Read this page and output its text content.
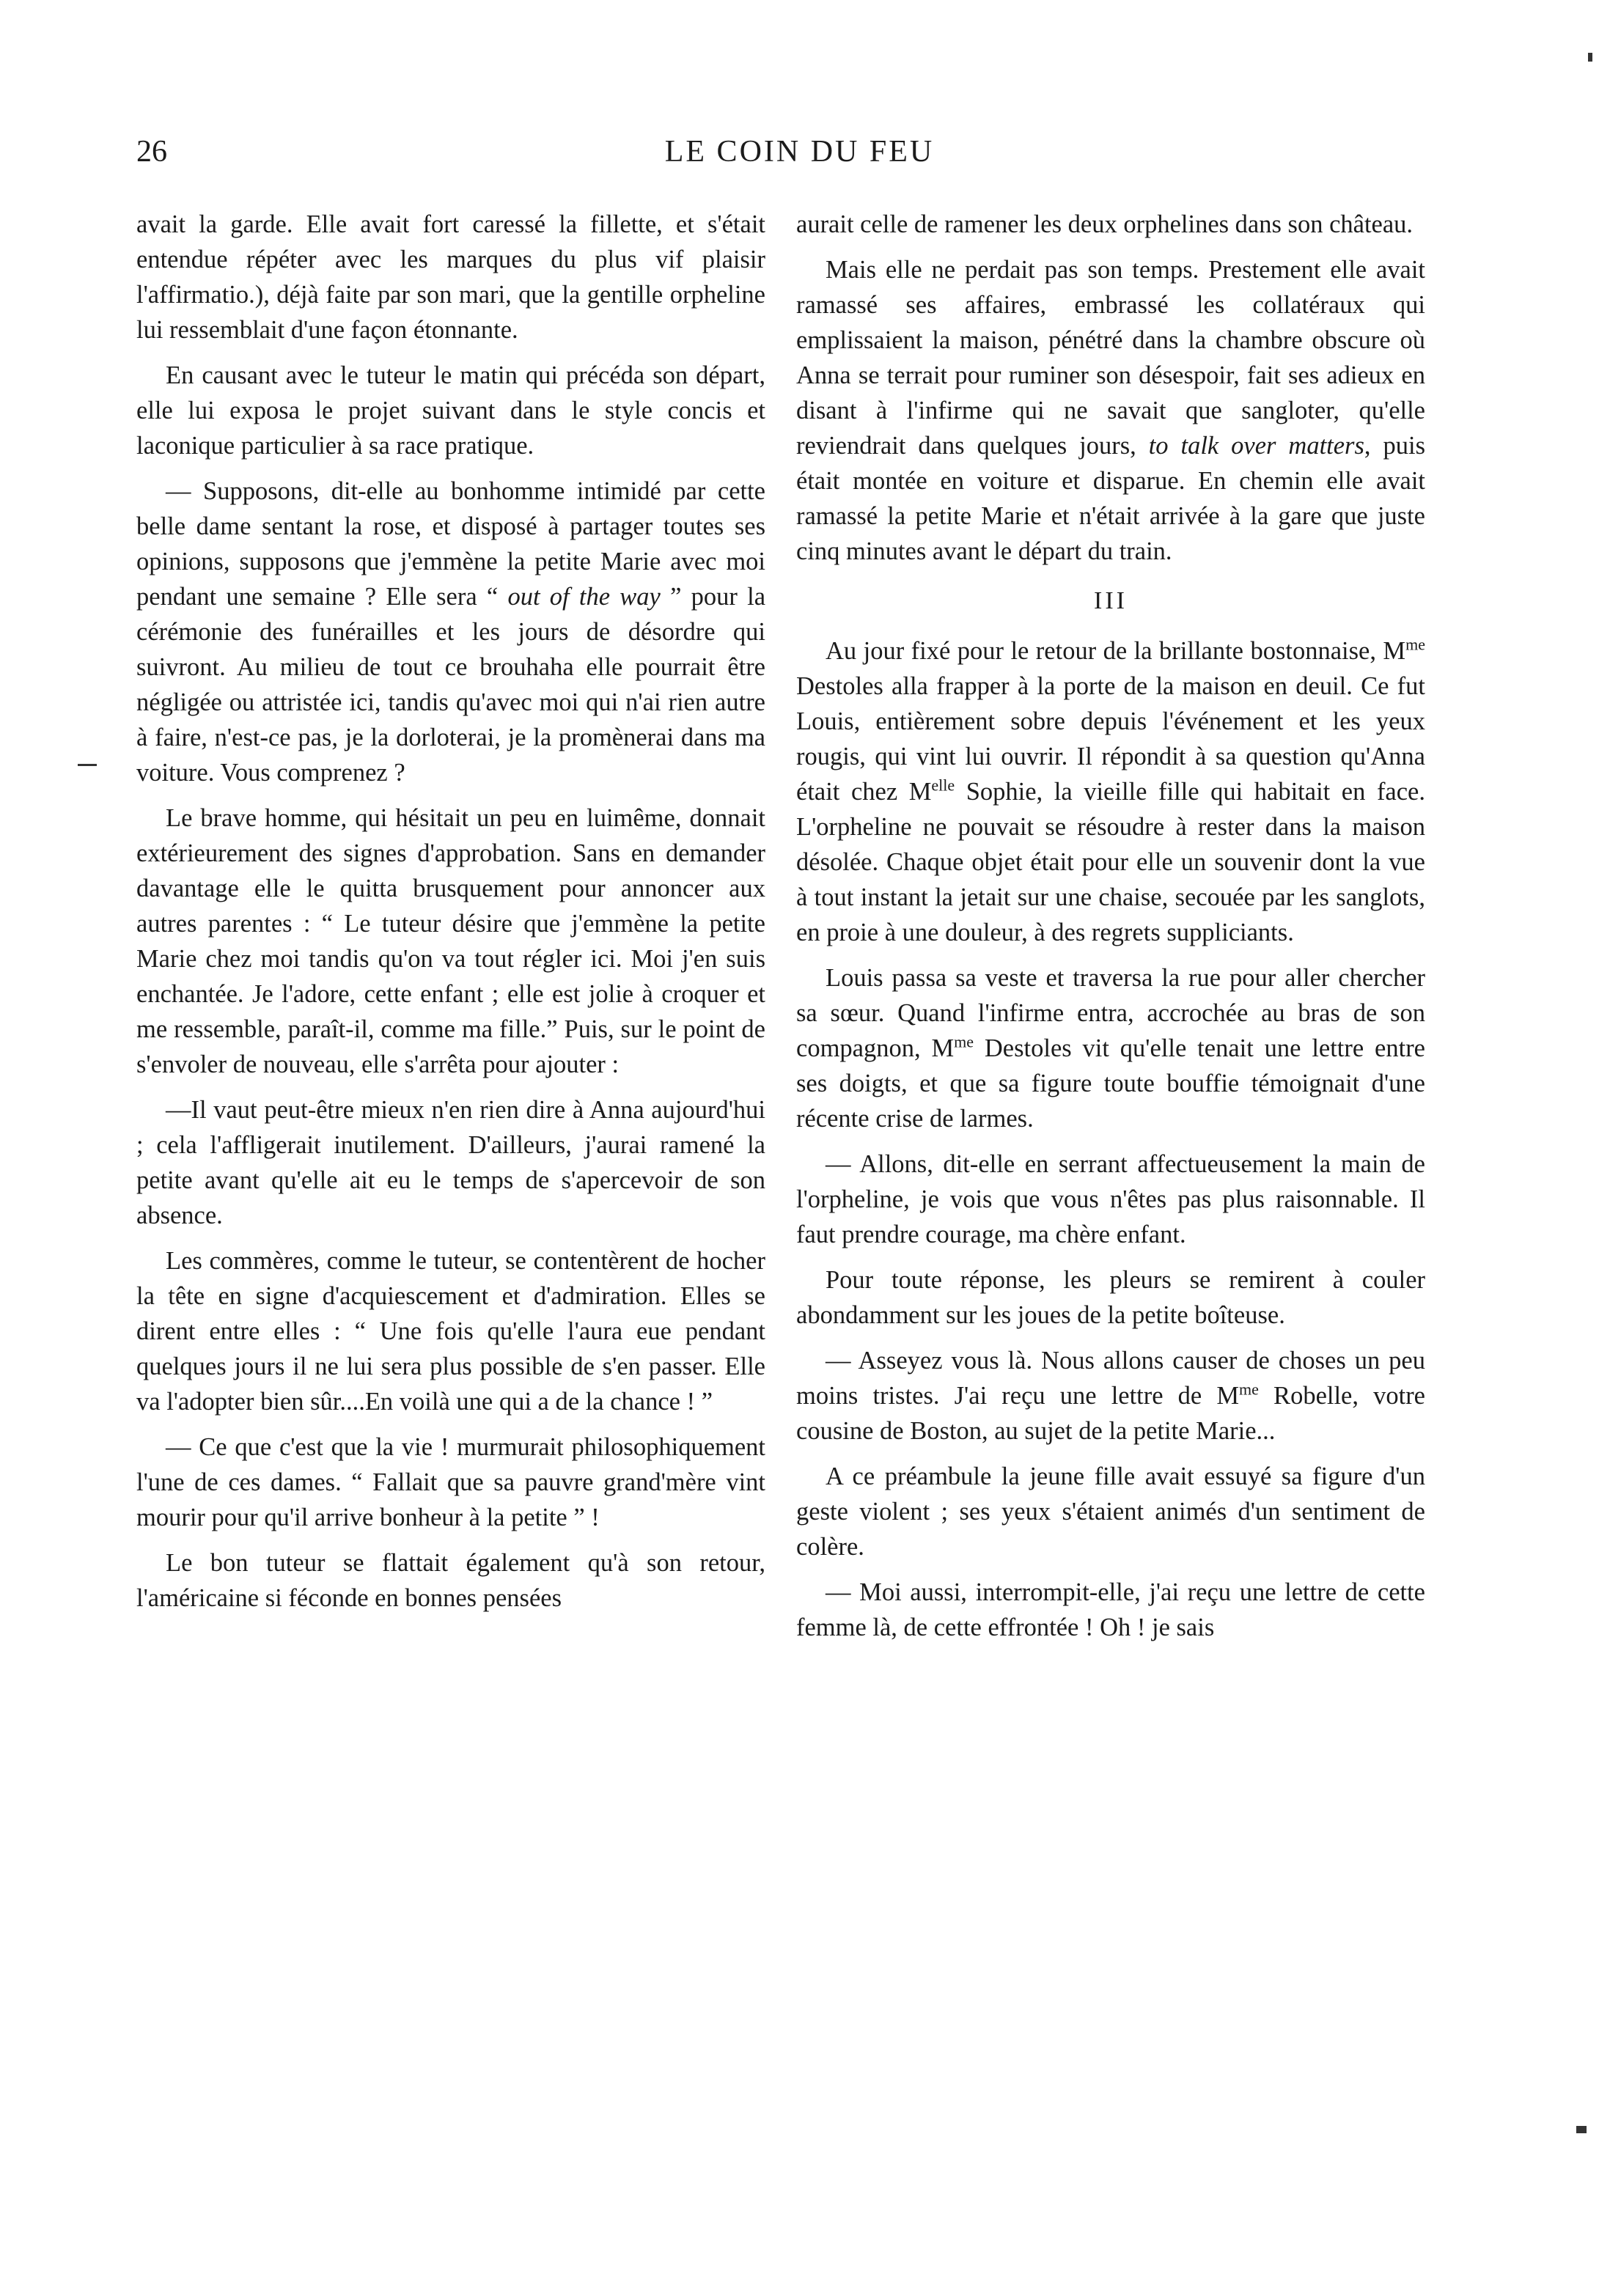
26	LE COIN DU FEU

avait la garde. Elle avait fort caressé la fillette, et s'était entendue répéter avec les marques du plus vif plaisir l'affirmatio.), déjà faite par son mari, que la gentille orpheline lui ressemblait d'une façon étonnante.

En causant avec le tuteur le matin qui précéda son départ, elle lui exposa le projet suivant dans le style concis et laconique particulier à sa race pratique.

— Supposons, dit-elle au bonhomme intimidé par cette belle dame sentant la rose, et disposé à partager toutes ses opinions, supposons que j'emmène la petite Marie avec moi pendant une semaine ? Elle sera “ out of the way ” pour la cérémonie des funérailles et les jours de désordre qui suivront. Au milieu de tout ce brouhaha elle pourrait être négligée ou attristée ici, tandis qu'avec moi qui n'ai rien autre à faire, n'est-ce pas, je la dorloterai, je la promènerai dans ma voiture. Vous comprenez ?

Le brave homme, qui hésitait un peu en luimême, donnait extérieurement des signes d'approbation. Sans en demander davantage elle le quitta brusquement pour annoncer aux autres parentes : “ Le tuteur désire que j'emmène la petite Marie chez moi tandis qu'on va tout régler ici. Moi j'en suis enchantée. Je l'adore, cette enfant ; elle est jolie à croquer et me ressemble, paraît-il, comme ma fille.” Puis, sur le point de s'envoler de nouveau, elle s'arrêta pour ajouter :

—Il vaut peut-être mieux n'en rien dire à Anna aujourd'hui ; cela l'affligerait inutilement. D'ailleurs, j'aurai ramené la petite avant qu'elle ait eu le temps de s'apercevoir de son absence.

Les commères, comme le tuteur, se contentèrent de hocher la tête en signe d'acquiescement et d'admiration. Elles se dirent entre elles : “ Une fois qu'elle l'aura eue pendant quelques jours il ne lui sera plus possible de s'en passer. Elle va l'adopter bien sûr....En voilà une qui a de la chance ! ”

— Ce que c'est que la vie ! murmurait philosophiquement l'une de ces dames. “ Fallait que sa pauvre grand'mère vint mourir pour qu'il arrive bonheur à la petite ” !

Le bon tuteur se flattait également qu'à son retour, l'américaine si féconde en bonnes pensées

aurait celle de ramener les deux orphelines dans son château.

Mais elle ne perdait pas son temps. Prestement elle avait ramassé ses affaires, embrassé les collatéraux qui emplissaient la maison, pénétré dans la chambre obscure où Anna se terrait pour ruminer son désespoir, fait ses adieux en disant à l'infirme qui ne savait que sangloter, qu'elle reviendrait dans quelques jours, to talk over matters, puis était montée en voiture et disparue. En chemin elle avait ramassé la petite Marie et n'était arrivée à la gare que juste cinq minutes avant le départ du train.

III

Au jour fixé pour le retour de la brillante bostonnaise, $M^{me}$ Destoles alla frapper à la porte de la maison en deuil. Ce fut Louis, entièrement sobre depuis l'événement et les yeux rougis, qui vint lui ouvrir. Il répondit à sa question qu'Anna était chez $M^{elle}$ Sophie, la vieille fille qui habitait en face. L'orpheline ne pouvait se résoudre à rester dans la maison désolée. Chaque objet était pour elle un souvenir dont la vue à tout instant la jetait sur une chaise, secouée par les sanglots, en proie à une douleur, à des regrets suppliciants.

Louis passa sa veste et traversa la rue pour aller chercher sa sœur. Quand l'infirme entra, accrochée au bras de son compagnon, $M^{me}$ Destoles vit qu'elle tenait une lettre entre ses doigts, et que sa figure toute bouffie témoignait d'une récente crise de larmes.

— Allons, dit-elle en serrant affectueusement la main de l'orpheline, je vois que vous n'êtes pas plus raisonnable. Il faut prendre courage, ma chère enfant.

Pour toute réponse, les pleurs se remirent à couler abondamment sur les joues de la petite boîteuse.

— Asseyez vous là. Nous allons causer de choses un peu moins tristes. J'ai reçu une lettre de $M^{me}$ Robelle, votre cousine de Boston, au sujet de la petite Marie...

A ce préambule la jeune fille avait essuyé sa figure d'un geste violent ; ses yeux s'étaient animés d'un sentiment de colère.

— Moi aussi, interrompit-elle, j'ai reçu une lettre de cette femme là, de cette effrontée ! Oh ! je sais
